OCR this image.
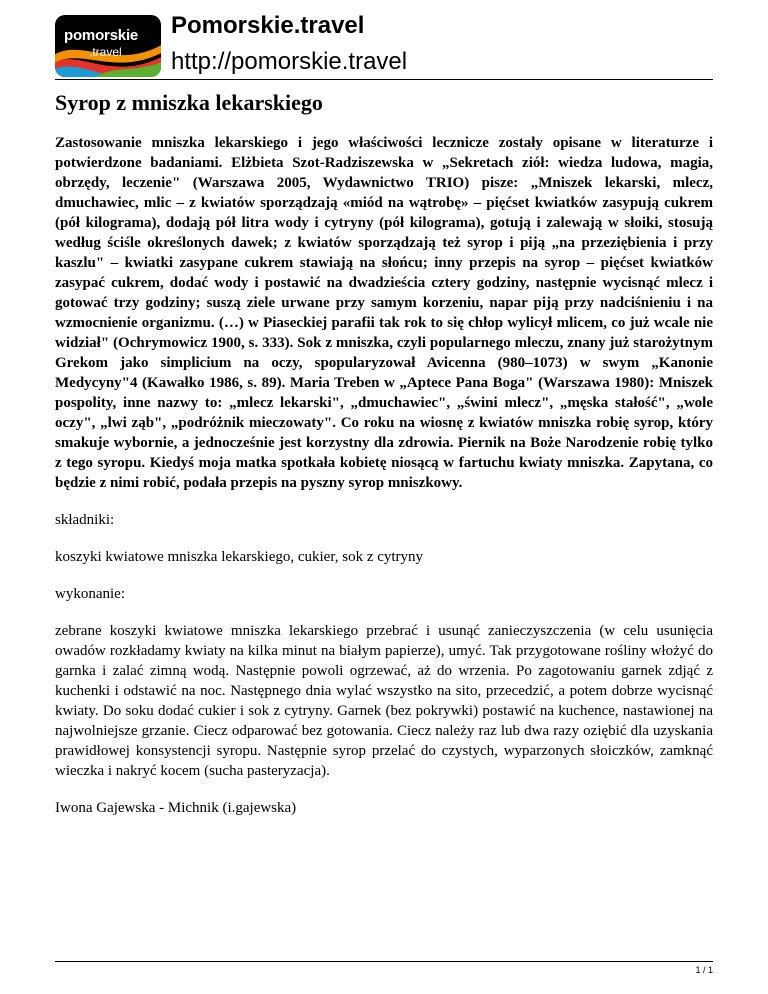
pomorskie
.travel
Pomorskie.travel
http://pomorskie.travel
Syrop z mniszka lekarskiego

Zastosowanie mniszka lekarskiego i jego właściwości lecznicze zostały opisane w literaturze i potwierdzone badaniami. Elżbieta Szot-Radziszewska w „Sekretach ziół: wiedza ludowa, magia, obrzędy, leczenie" (Warszawa 2005, Wydawnictwo TRIO) pisze: „Mniszek lekarski, mlecz, dmuchawiec, mlic – z kwiatów sporządzają «miód na wątrobę» – pięćset kwiatków zasypują cukrem (pół kilograma), dodają pół litra wody i cytryny (pół kilograma), gotują i zalewają w słoiki, stosują według ściśle określonych dawek; z kwiatów sporządzają też syrop i piją „na przeziębienia i przy kaszlu" – kwiatki zasypane cukrem stawiają na słońcu; inny przepis na syrop – pięćset kwiatków zasypać cukrem, dodać wody i postawić na dwadzieścia cztery godziny, następnie wycisnąć mlecz i gotować trzy godziny; suszą ziele urwane przy samym korzeniu, napar piją przy nadciśnieniu i na wzmocnienie organizmu. (…) w Piaseckiej parafii tak rok to się chłop wylicył mlicem, co już wcale nie widział" (Ochrymowicz 1900, s. 333). Sok z mniszka, czyli popularnego mleczu, znany już starożytnym Grekom jako simplicium na oczy, spopularyzował Avicenna (980–1073) w swym „Kanonie Medycyny"4 (Kawałko 1986, s. 89). Maria Treben w „Aptece Pana Boga" (Warszawa 1980): Mniszek pospolity, inne nazwy to: „mlecz lekarski", „dmuchawiec", „świni mlecz", „męska stałość", „wole oczy", „lwi ząb", „podróżnik mieczowaty". Co roku na wiosnę z kwiatów mniszka robię syrop, który smakuje wybornie, a jednocześnie jest korzystny dla zdrowia. Piernik na Boże Narodzenie robię tylko z tego syropu. Kiedyś moja matka spotkała kobietę niosącą w fartuchu kwiaty mniszka. Zapytana, co będzie z nimi robić, podała przepis na pyszny syrop mniszkowy.

składniki:

koszyki kwiatowe mniszka lekarskiego, cukier, sok z cytryny

wykonanie:

zebrane koszyki kwiatowe mniszka lekarskiego przebrać i usunąć zanieczyszczenia (w celu usunięcia owadów rozkładamy kwiaty na kilka minut na białym papierze), umyć. Tak przygotowane rośliny włożyć do garnka i zalać zimną wodą. Następnie powoli ogrzewać, aż do wrzenia. Po zagotowaniu garnek zdjąć z kuchenki i odstawić na noc. Następnego dnia wylać wszystko na sito, przecedzić, a potem dobrze wycisnąć kwiaty. Do soku dodać cukier i sok z cytryny. Garnek (bez pokrywki) postawić na kuchence, nastawionej na najwolniejsze grzanie. Ciecz odparować bez gotowania. Ciecz należy raz lub dwa razy oziębić dla uzyskania prawidłowej konsystencji syropu. Następnie syrop przelać do czystych, wyparzonych słoiczków, zamknąć wieczka i nakryć kocem (sucha pasteryzacja).

Iwona Gajewska - Michnik (i.gajewska)

1 / 1
